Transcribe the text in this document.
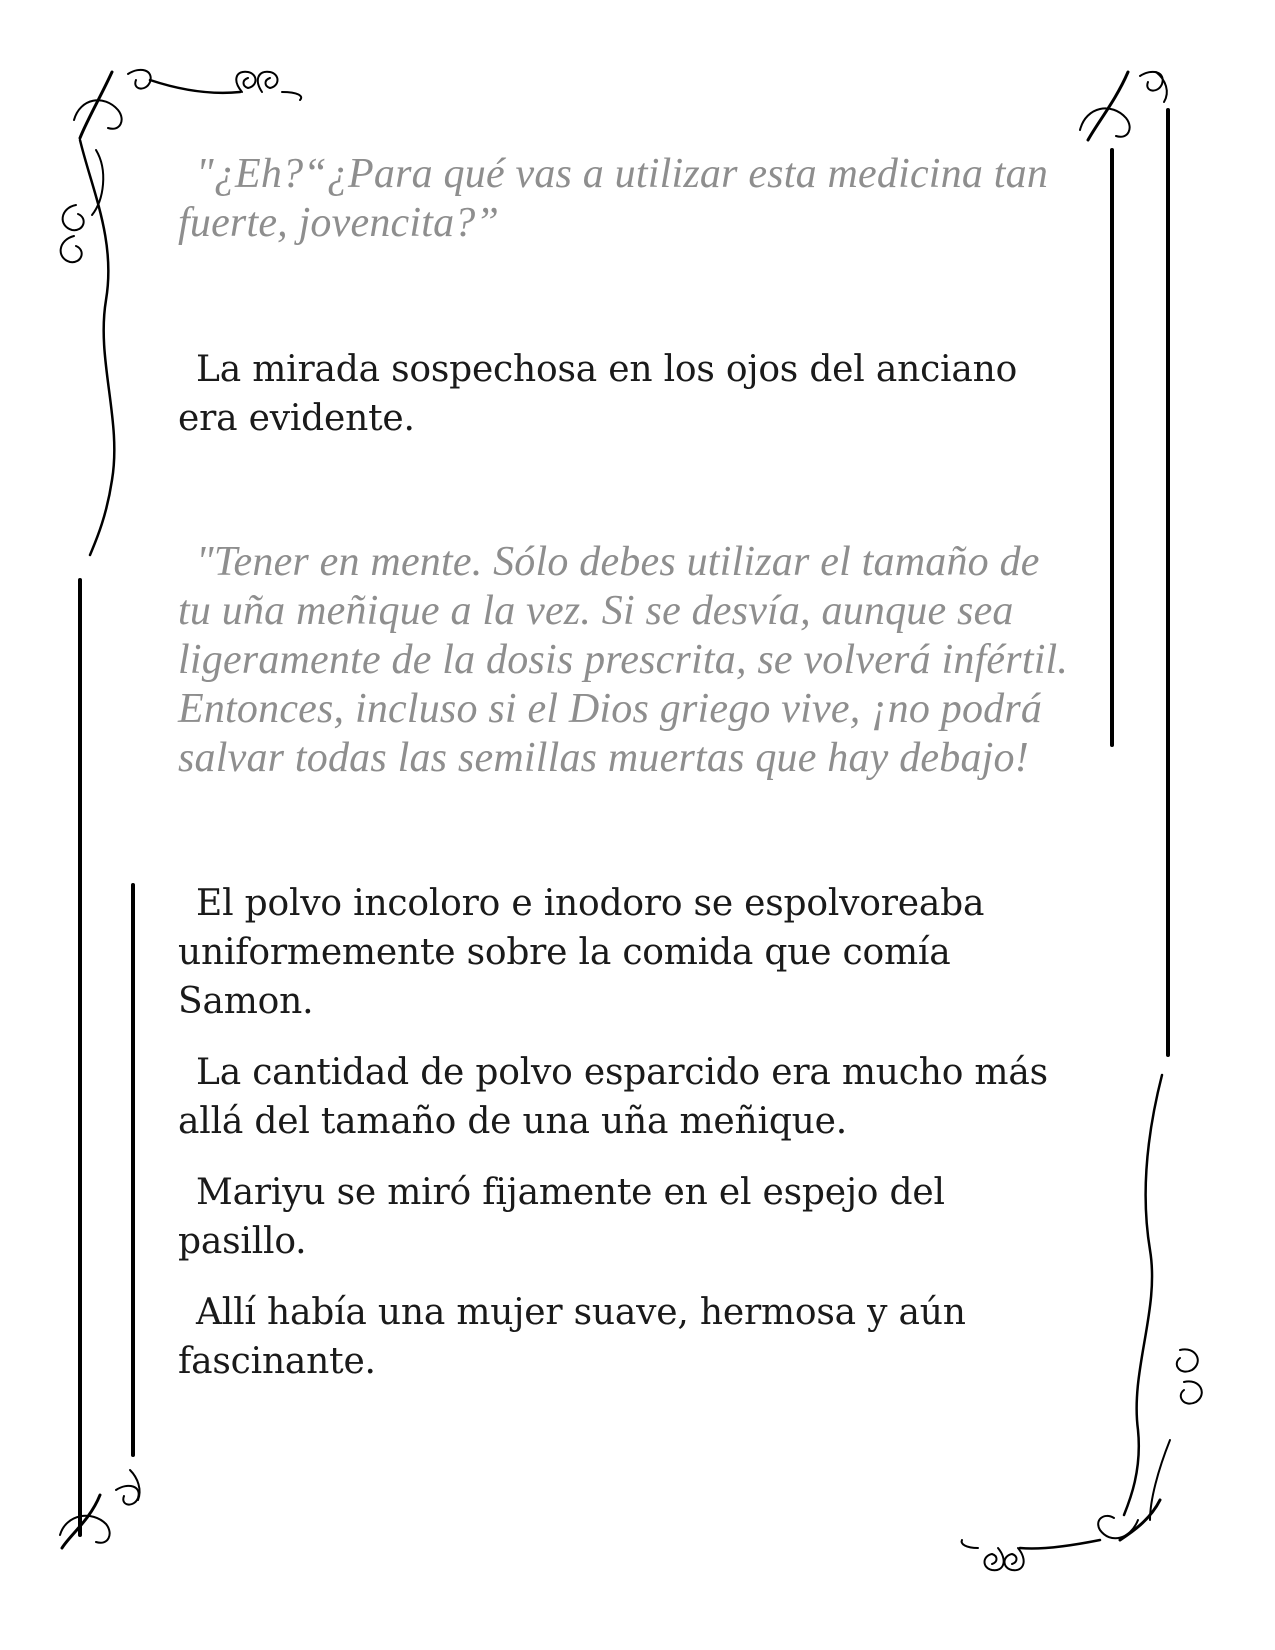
"¿Eh?“¿Para qué vas a utilizar esta medicina tan fuerte, jovencita?”

La mirada sospechosa en los ojos del anciano era evidente.

"Tener en mente. Sólo debes utilizar el tamaño de tu uña meñique a la vez. Si se desvía, aunque sea ligeramente de la dosis prescrita, se volverá infértil. Entonces, incluso si el Dios griego vive, ¡no podrá salvar todas las semillas muertas que hay debajo!

El polvo incoloro e inodoro se espolvoreaba uniformemente sobre la comida que comía Samon.

La cantidad de polvo esparcido era mucho más allá del tamaño de una uña meñique.

Mariyu se miró fijamente en el espejo del pasillo.

Allí había una mujer suave, hermosa y aún fascinante.
